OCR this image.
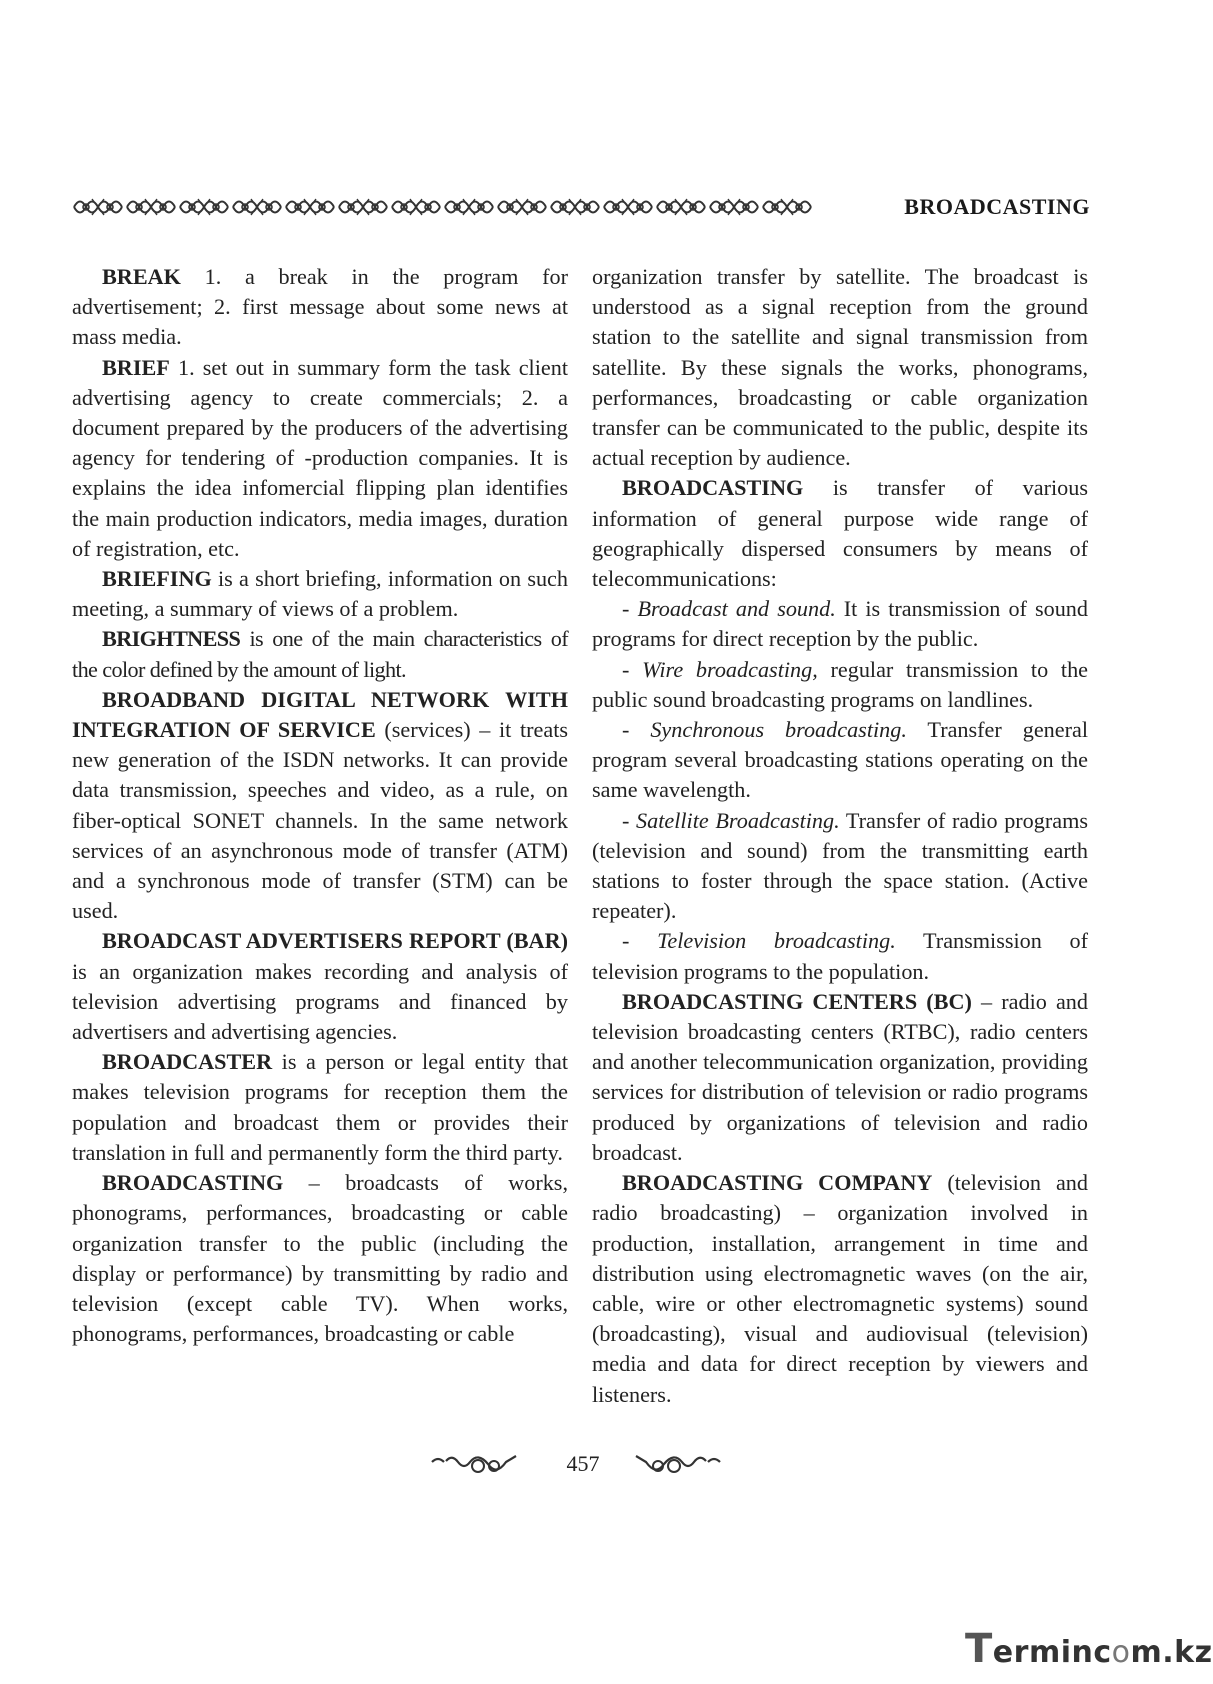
BROADCASTING

BREAK 1. a break in the program for advertisement; 2. first message about some news at mass media.

BRIEF 1. set out in summary form the task client advertising agency to create commercials; 2. a document prepared by the producers of the advertising agency for tendering of -production companies. It is explains the idea infomercial flipping plan identifies the main production indicators, media images, duration of registration, etc.

BRIEFING is a short briefing, information on such meeting, a summary of views of a problem.

BRIGHTNESS is one of the main characteristics of the color defined by the amount of light.

BROADBAND DIGITAL NETWORK WITH INTEGRATION OF SERVICE (services) – it treats new generation of the ISDN networks. It can provide data transmission, speeches and video, as a rule, on fiber-optical SONET channels. In the same network services of an asynchronous mode of transfer (ATM) and a synchronous mode of transfer (STM) can be used.

BROADCAST ADVERTISERS REPORT (BAR) is an organization makes recording and analysis of television advertising programs and financed by advertisers and advertising agencies.

BROADCASTER is a person or legal entity that makes television programs for reception them the population and broadcast them or provides their translation in full and permanently form the third party.

BROADCASTING – broadcasts of works, phonograms, performances, broadcasting or cable organization transfer to the public (including the display or performance) by transmitting by radio and television (except cable TV). When works, phonograms, performances, broadcasting or cable

organization transfer by satellite. The broadcast is understood as a signal reception from the ground station to the satellite and signal transmission from satellite. By these signals the works, phonograms, performances, broadcasting or cable organization transfer can be communicated to the public, despite its actual reception by audience.

BROADCASTING is transfer of various information of general purpose wide range of geographically dispersed consumers by means of telecommunications:

- Broadcast and sound. It is transmission of sound programs for direct reception by the public.

- Wire broadcasting, regular transmission to the public sound broadcasting programs on landlines.

- Synchronous broadcasting. Transfer general program several broadcasting stations operating on the same wavelength.

- Satellite Broadcasting. Transfer of radio programs (television and sound) from the transmitting earth stations to foster through the space station. (Active repeater).

- Television broadcasting. Transmission of television programs to the population.

BROADCASTING CENTERS (BC) – radio and television broadcasting centers (RTBC), radio centers and another telecommunication organization, providing services for distribution of television or radio programs produced by organizations of television and radio broadcast.

BROADCASTING COMPANY (television and radio broadcasting) – organization involved in production, installation, arrangement in time and distribution using electromagnetic waves (on the air, cable, wire or other electromagnetic systems) sound (broadcasting), visual and audiovisual (television) media and data for direct reception by viewers and listeners.

457
Termincom.kz
